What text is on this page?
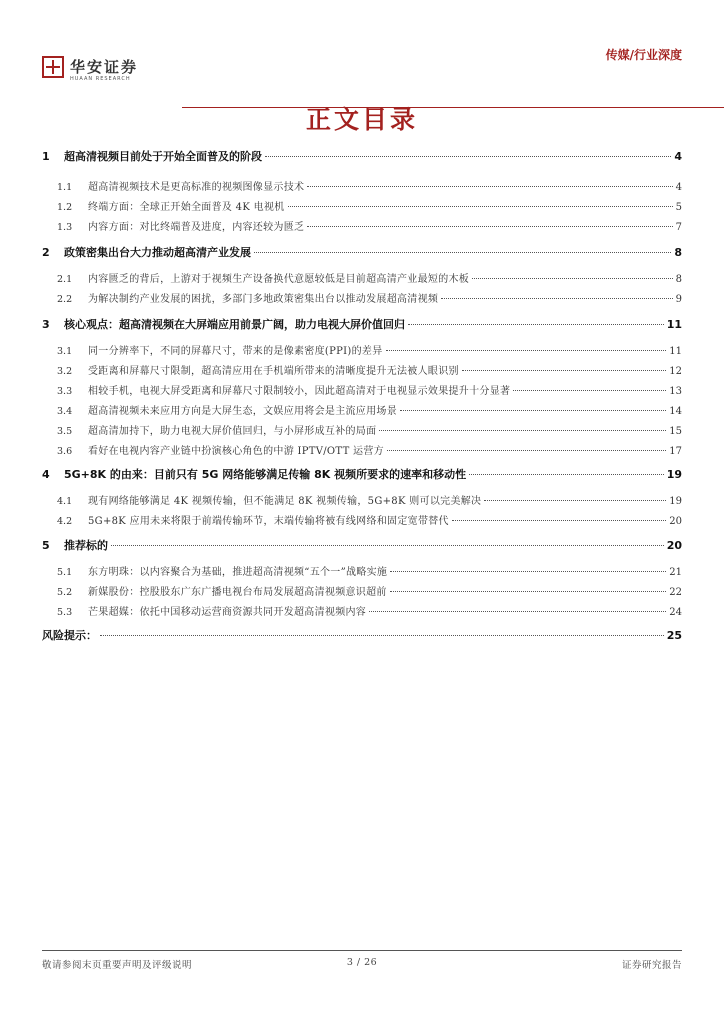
华安证券
HUAAN RESEARCH
传媒/行业深度
正文目录
1	超高清视频目前处于开始全面普及的阶段	4
1.1	超高清视频技术是更高标准的视频图像显示技术	4
1.2	终端方面：全球正开始全面普及 4K 电视机	5
1.3	内容方面：对比终端普及进度，内容还较为匮乏	7
2	政策密集出台大力推动超高清产业发展	8
2.1	内容匮乏的背后，上游对于视频生产设备换代意愿较低是目前超高清产业最短的木板	8
2.2	为解决制约产业发展的困扰，多部门多地政策密集出台以推动发展超高清视频	9
3	核心观点：超高清视频在大屏端应用前景广阔，助力电视大屏价值回归	11
3.1	同一分辨率下，不同的屏幕尺寸，带来的是像素密度(PPI)的差异	11
3.2	受距离和屏幕尺寸限制，超高清应用在手机端所带来的清晰度提升无法被人眼识别	12
3.3	相较手机，电视大屏受距离和屏幕尺寸限制较小，因此超高清对于电视显示效果提升十分显著	13
3.4	超高清视频未来应用方向是大屏生态，文娱应用将会是主流应用场景	14
3.5	超高清加持下，助力电视大屏价值回归，与小屏形成互补的局面	15
3.6	看好在电视内容产业链中扮演核心角色的中游 IPTV/OTT 运营方	17
4	5G+8K 的由来：目前只有 5G 网络能够满足传输 8K 视频所要求的速率和移动性	19
4.1	现有网络能够满足 4K 视频传输，但不能满足 8K 视频传输，5G+8K 则可以完美解决	19
4.2	5G+8K 应用未来将限于前端传输环节，末端传输将被有线网络和固定宽带替代	20
5	推荐标的	20
5.1	东方明珠：以内容聚合为基础，推进超高清视频“五个一”战略实施	21
5.2	新媒股份：控股股东广东广播电视台布局发展超高清视频意识超前	22
5.3	芒果超媒：依托中国移动运营商资源共同开发超高清视频内容	24
风险提示：	25
敬请参阅末页重要声明及评级说明	3 / 26	证券研究报告
